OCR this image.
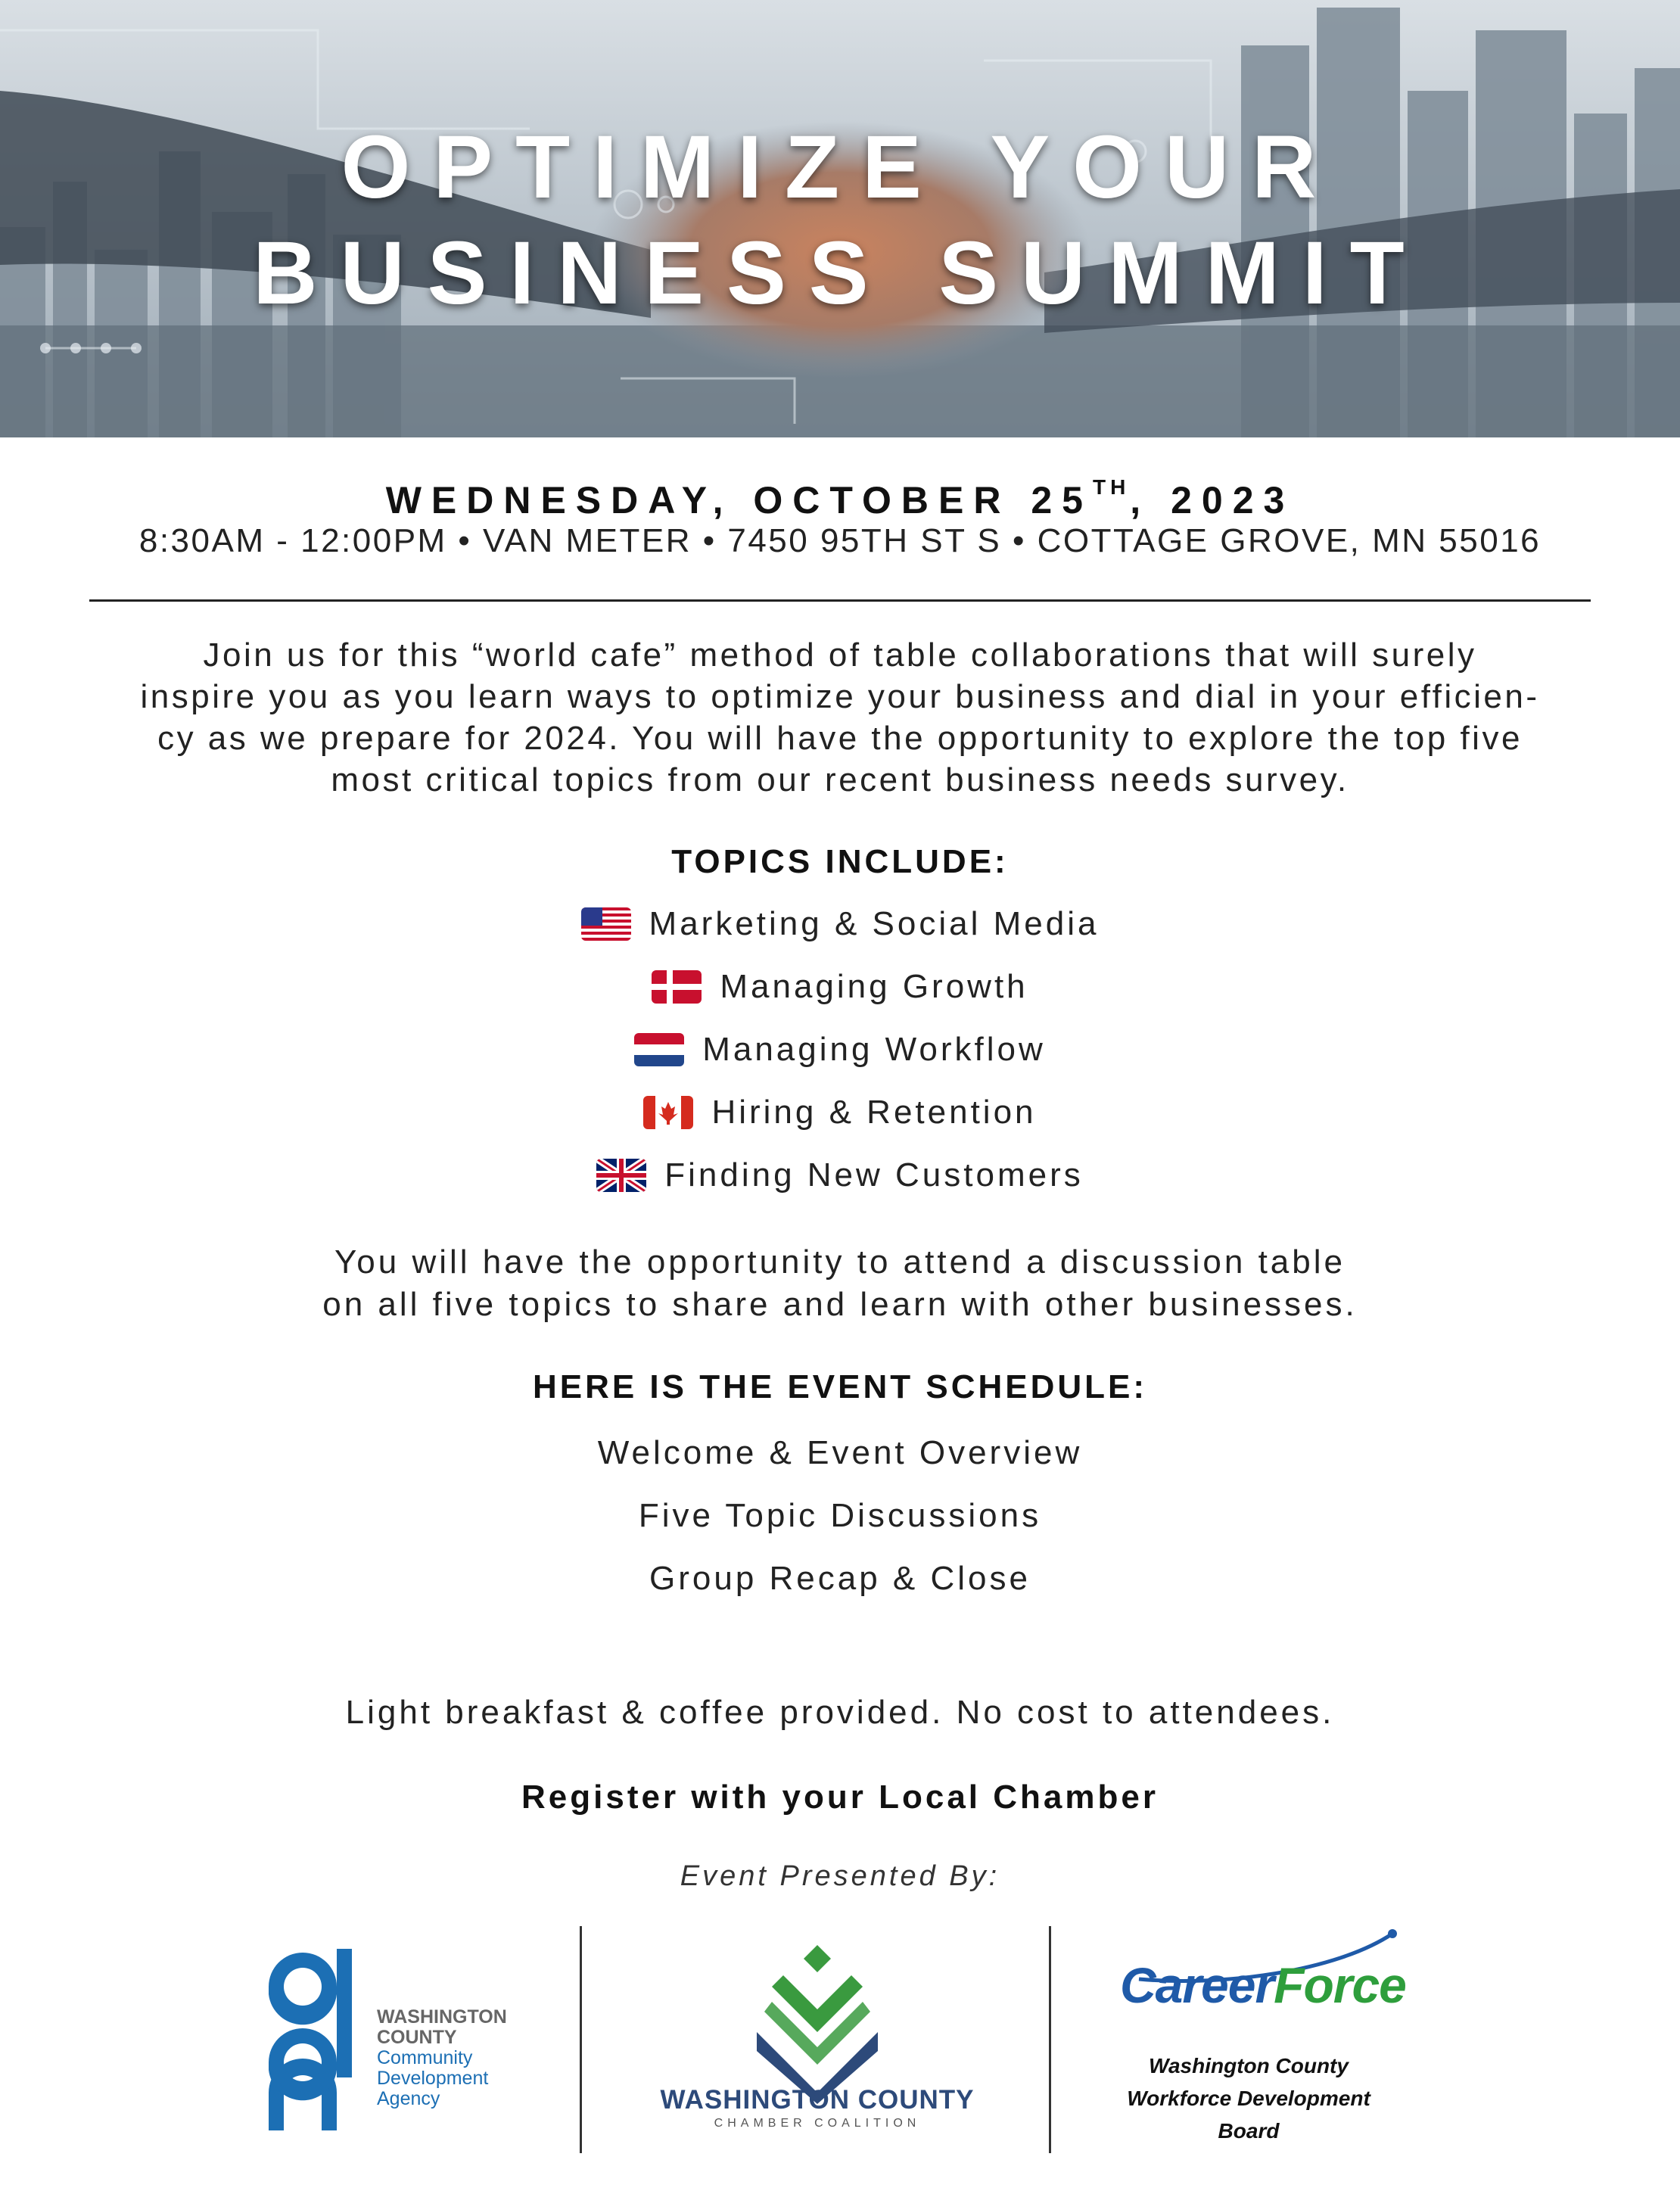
OPTIMIZE YOUR
BUSINESS SUMMIT
WEDNESDAY, OCTOBER 25TH, 2023
8:30AM - 12:00PM • VAN METER • 7450 95TH ST S • COTTAGE GROVE, MN 55016
Join us for this “world cafe” method of table collaborations that will surely
inspire you as you learn ways to optimize your business and dial in your efficien-
cy as we prepare for 2024. You will have the opportunity to explore the top five
most critical topics from our recent business needs survey.
TOPICS INCLUDE:
Marketing & Social Media
Managing Growth
Managing Workflow
Hiring & Retention
Finding New Customers
You will have the opportunity to attend a discussion table
on all five topics to share and learn with other businesses.
HERE IS THE EVENT SCHEDULE:
Welcome & Event Overview
Five Topic Discussions
Group Recap & Close
Light breakfast & coffee provided. No cost to attendees.
Register with your Local Chamber
Event Presented By:
WASHINGTON
COUNTY
Community
Development
Agency	WASHINGTON COUNTY
CHAMBER COALITION
CareerForce
Washington County
Workforce Development
Board
